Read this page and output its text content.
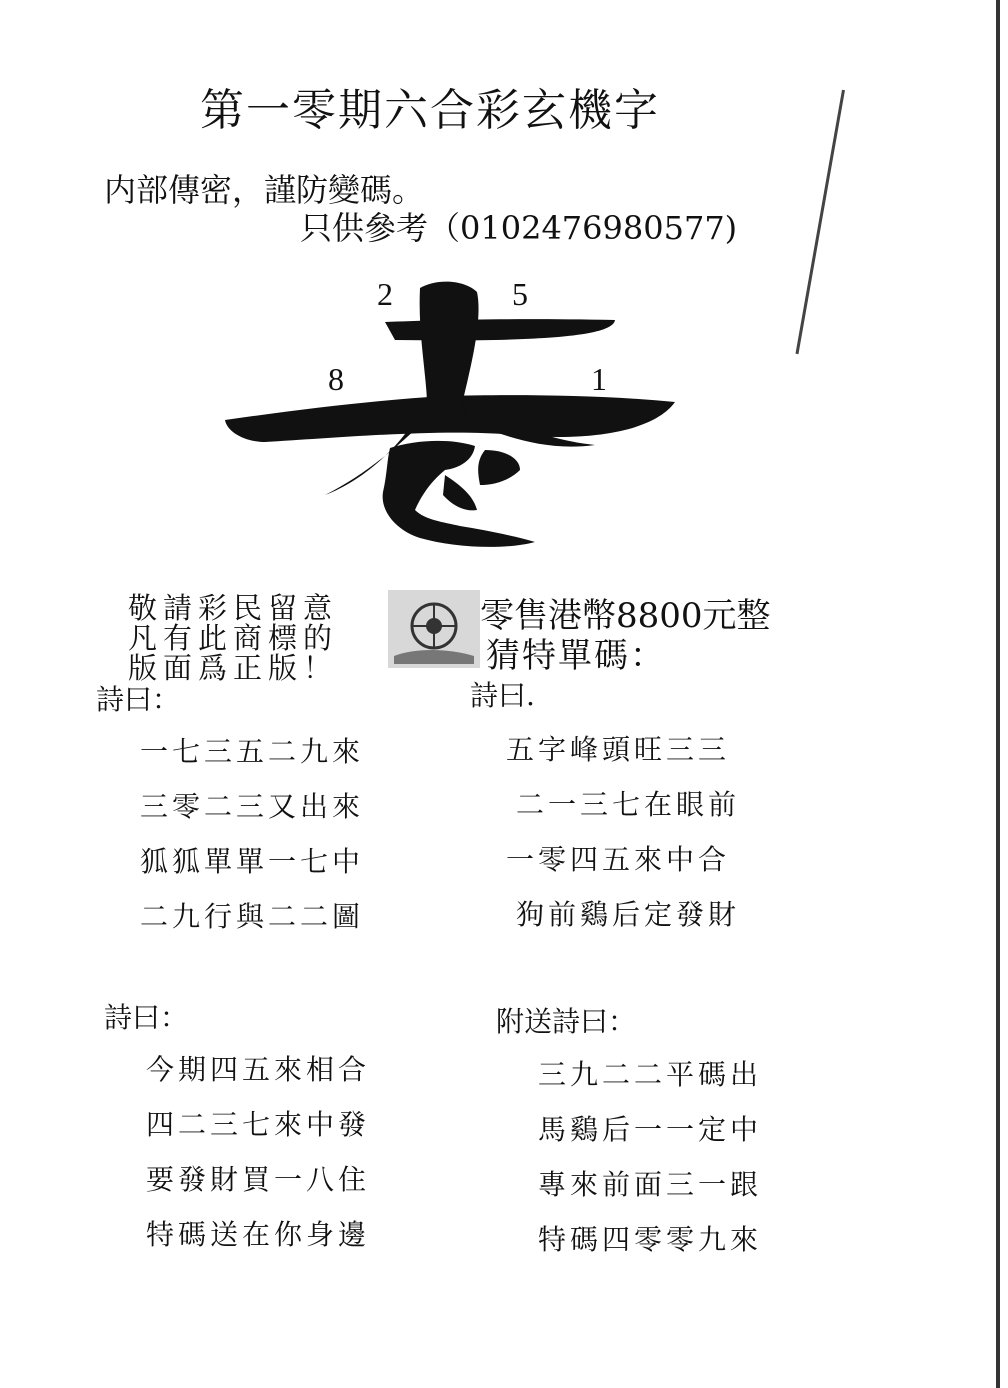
第一零期六合彩玄機字
内部傳密，謹防變碼。
只供參考（0102476980577)
2	5
8	1
敬請彩民留意
凡有此商標的
版面爲正版！
零售港幣8800元整
猜特單碼：
詩曰：
一七三五二九來
三零二三又出來
狐狐單單一七中
二九行與二二圖
詩曰.
五字峰頭旺三三
二一三七在眼前
一零四五來中合
狗前鷄后定發財
詩曰：
今期四五來相合
四二三七來中發
要發財買一八住
特碼送在你身邊
附送詩曰：
三九二二平碼出
馬鷄后一一定中
專來前面三一跟
特碼四零零九來
